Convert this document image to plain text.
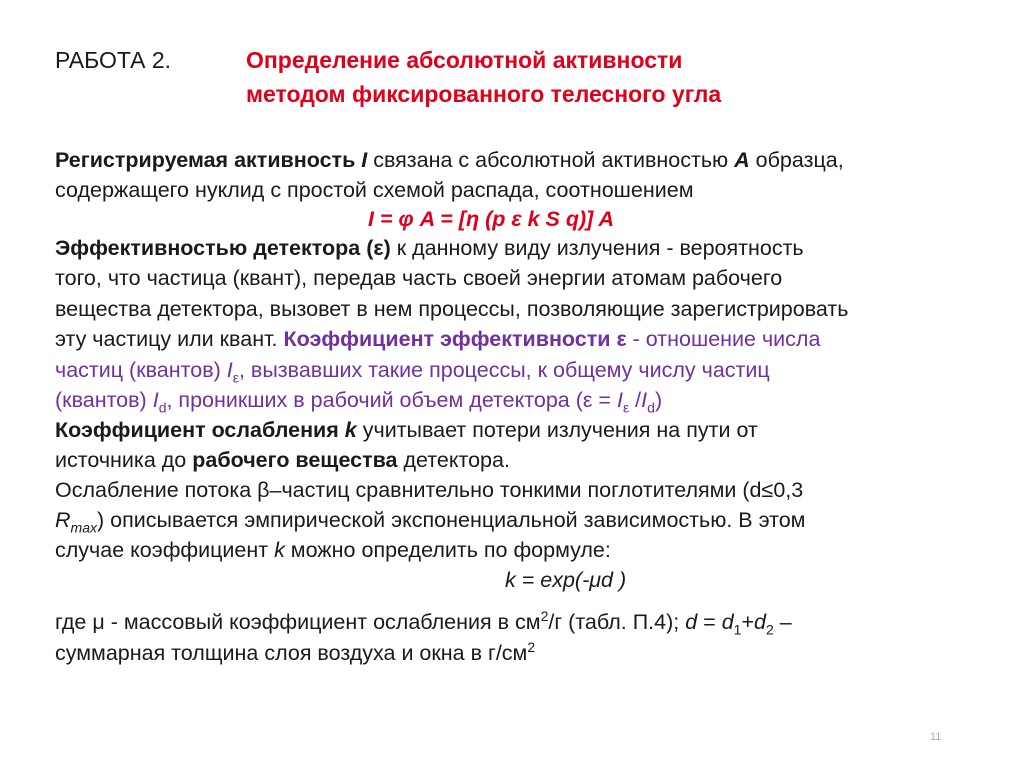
РАБОТА 2.	Определение абсолютной активности
методом фиксированного телесного угла
Регистрируемая активность I связана с абсолютной активностью A образца,
содержащего нуклид с простой схемой распада, соотношением
I = φ A = [η (p ε k S q)] A
Эффективностью детектора (ε) к данному виду излучения - вероятность
того, что частица (квант), передав часть своей энергии атомам рабочего
вещества детектора, вызовет в нем процессы, позволяющие зарегистрировать
эту частицу или квант. Коэффициент эффективности ε - отношение числа
частиц (квантов) $I_\varepsilon$, вызвавших такие процессы, к общему числу частиц
(квантов) $I_d$, проникших в рабочий объем детектора ($\varepsilon = I_\varepsilon$ $/I_d$)
Коэффициент ослабления k учитывает потери излучения на пути от
источника до рабочего вещества детектора.
Ослабление потока β–частиц сравнительно тонкими поглотителями (d≤0,3
$R_{max}$) описывается эмпирической экспоненциальной зависимостью. В этом
случае коэффициент k можно определить по формуле:
k = exp(-μd )
где μ - массовый коэффициент ослабления в $см^2/г$ (табл. П.4); $d = d_1+d_2$ –
суммарная толщина слоя воздуха и окна в $г/см^2$
11
